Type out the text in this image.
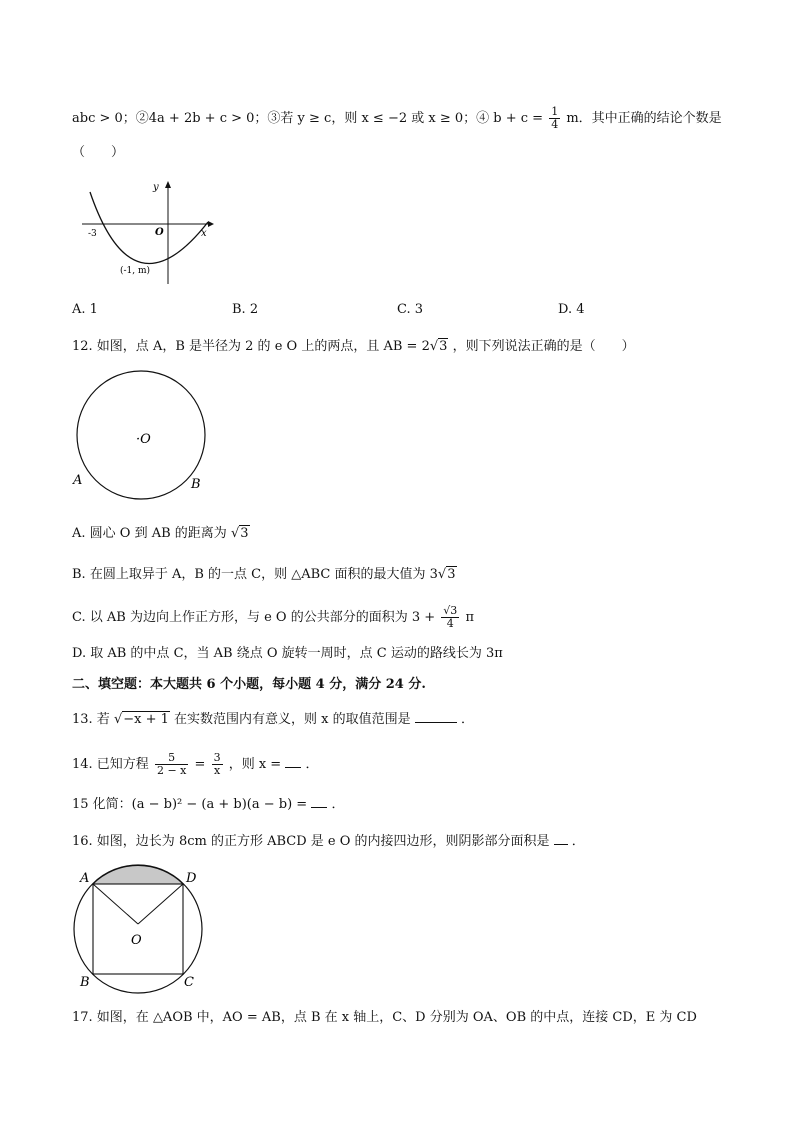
abc > 0；②4a + 2b + c > 0；③若 y ≥ c，则 x ≤ −2 或 x ≥ 0；④ $b + c = \frac{1}{4}$ m．其中正确的结论个数是
（　　）
y
x
O
-3
(-1, m)
A. 1	B. 2	C. 3	D. 4
12. 如图，点 A，B 是半径为 2 的 e O 上的两点，且 AB = 2√3 ，则下列说法正确的是（　　）
·O
A	B
A. 圆心 O 到 AB 的距离为 √3
B. 在圆上取异于 A，B 的一点 C，则 △ABC 面积的最大值为 3√3
C. 以 AB 为边向上作正方形，与 e O 的公共部分的面积为 $3 + \frac{√3}{4}$ π
D. 取 AB 的中点 C，当 AB 绕点 O 旋转一周时，点 C 运动的路线长为 3π
二、填空题：本大题共 6 个小题，每小题 4 分，满分 24 分.
13. 若 √−x + 1 在实数范围内有意义，则 x 的取值范围是	．
14. 已知方程 $\frac{5}{2 - x} = \frac{3}{x}$ ，则 x = ．
15 化简：(a − b)² − (a + b)(a − b) = ．
16. 如图，边长为 8cm 的正方形 ABCD 是 e O 的内接四边形，则阴影部分面积是 ．
A	D
B	C
O
17. 如图，在 △AOB 中，AO = AB，点 B 在 x 轴上，C、D 分别为 OA、OB 的中点，连接 CD，E 为 CD
